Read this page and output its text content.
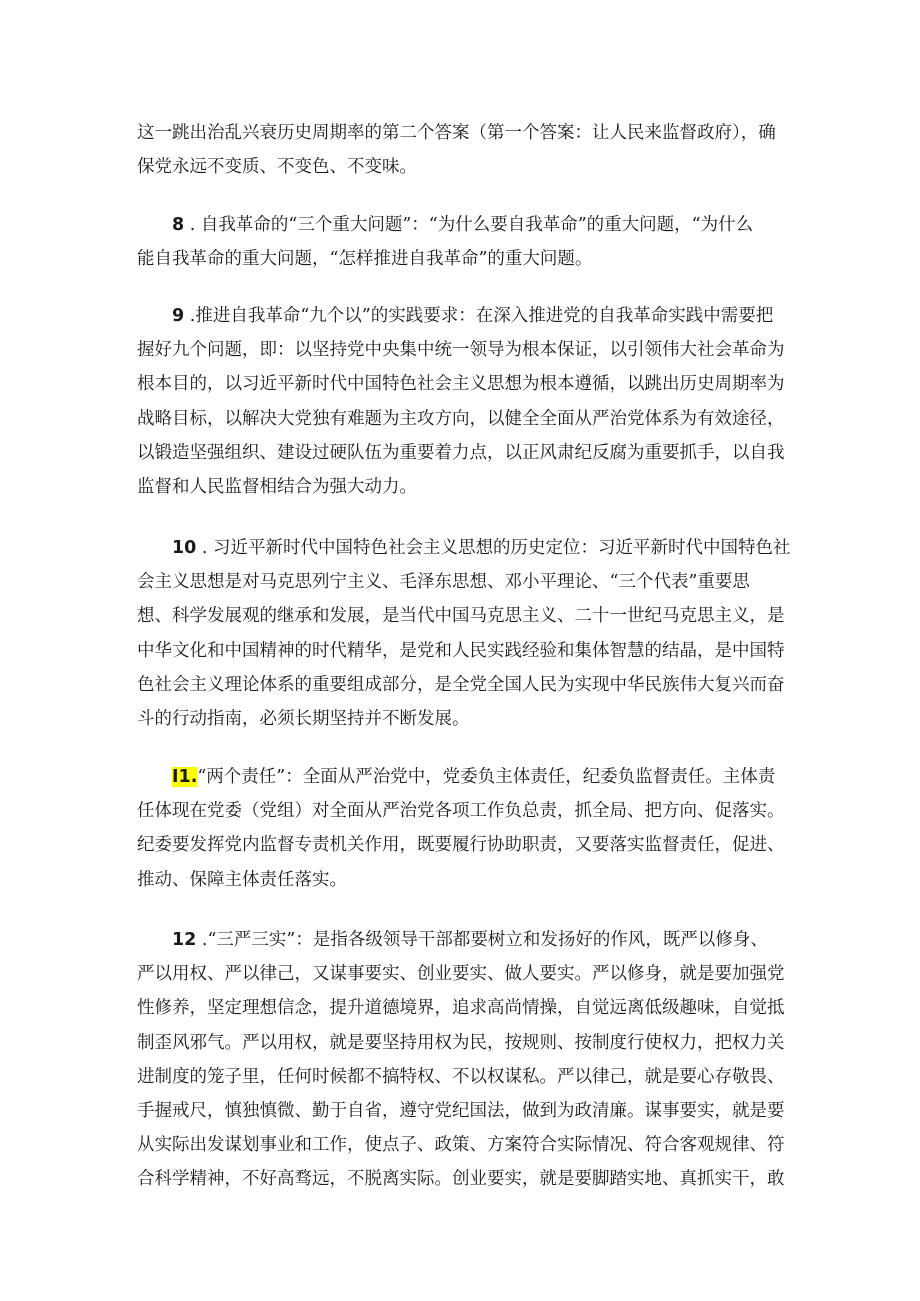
这一跳出治乱兴衰历史周期率的第二个答案（第一个答案：让人民来监督政府），确
保党永远不变质、不变色、不变味。
8 . 自我革命的“三个重大问题”：“为什么要自我革命”的重大问题，“为什么
能自我革命的重大问题，“怎样推进自我革命”的重大问题。
9 .推进自我革命“九个以”的实践要求：在深入推进党的自我革命实践中需要把
握好九个问题，即：以坚持党中央集中统一领导为根本保证，以引领伟大社会革命为
根本目的，以习近平新时代中国特色社会主义思想为根本遵循，以跳出历史周期率为
战略目标，以解决大党独有难题为主攻方向，以健全全面从严治党体系为有效途径，
以锻造坚强组织、建设过硬队伍为重要着力点，以正风肃纪反腐为重要抓手，以自我
监督和人民监督相结合为强大动力。
10 . 习近平新时代中国特色社会主义思想的历史定位：习近平新时代中国特色社
会主义思想是对马克思列宁主义、毛泽东思想、邓小平理论、“三个代表”重要思
想、科学发展观的继承和发展，是当代中国马克思主义、二十一世纪马克思主义，是
中华文化和中国精神的时代精华，是党和人民实践经验和集体智慧的结晶，是中国特
色社会主义理论体系的重要组成部分，是全党全国人民为实现中华民族伟大复兴而奋
斗的行动指南，必须长期坚持并不断发展。
I1.“两个责任”：全面从严治党中，党委负主体责任，纪委负监督责任。主体责
任体现在党委（党组）对全面从严治党各项工作负总责，抓全局、把方向、促落实。
纪委要发挥党内监督专责机关作用，既要履行协助职责，又要落实监督责任，促进、
推动、保障主体责任落实。
12 .“三严三实”：是指各级领导干部都要树立和发扬好的作风，既严以修身、
严以用权、严以律己，又谋事要实、创业要实、做人要实。严以修身，就是要加强党
性修养，坚定理想信念，提升道德境界，追求高尚情操，自觉远离低级趣味，自觉抵
制歪风邪气。严以用权，就是要坚持用权为民，按规则、按制度行使权力，把权力关
进制度的笼子里，任何时候都不搞特权、不以权谋私。严以律己，就是要心存敬畏、
手握戒尺，慎独慎微、勤于自省，遵守党纪国法，做到为政清廉。谋事要实，就是要
从实际出发谋划事业和工作，使点子、政策、方案符合实际情况、符合客观规律、符
合科学精神，不好高骛远，不脱离实际。创业要实，就是要脚踏实地、真抓实干，敢
